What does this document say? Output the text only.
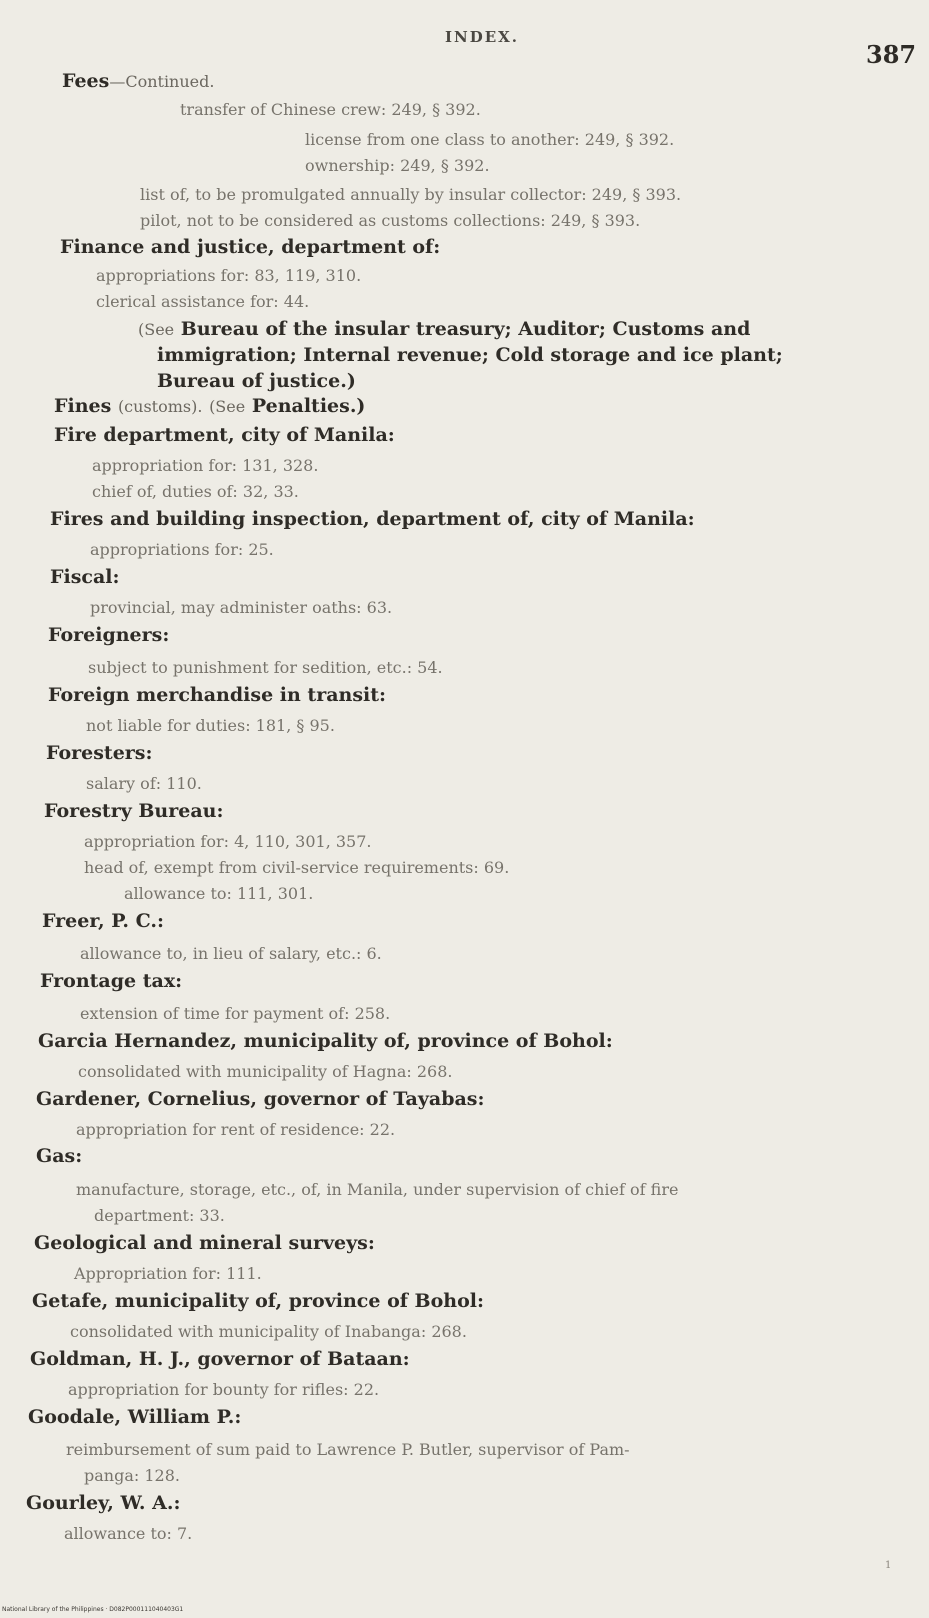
INDEX.
387
Fees—Continued.
transfer of Chinese crew: 249, § 392.
license from one class to another: 249, § 392.
ownership: 249, § 392.
list of, to be promulgated annually by insular collector: 249, § 393.
pilot, not to be considered as customs collections: 249, § 393.
Finance and justice, department of:
appropriations for: 83, 119, 310.
clerical assistance for: 44.
(See Bureau of the insular treasury; Auditor; Customs and
immigration; Internal revenue; Cold storage and ice plant;
Bureau of justice.)
Fines (customs). (See Penalties.)
Fire department, city of Manila:
appropriation for: 131, 328.
chief of, duties of: 32, 33.
Fires and building inspection, department of, city of Manila:
appropriations for: 25.
Fiscal:
provincial, may administer oaths: 63.
Foreigners:
subject to punishment for sedition, etc.: 54.
Foreign merchandise in transit:
not liable for duties: 181, § 95.
Foresters:
salary of: 110.
Forestry Bureau:
appropriation for: 4, 110, 301, 357.
head of, exempt from civil-service requirements: 69.
allowance to: 111, 301.
Freer, P. C.:
allowance to, in lieu of salary, etc.: 6.
Frontage tax:
extension of time for payment of: 258.
Garcia Hernandez, municipality of, province of Bohol:
consolidated with municipality of Hagna: 268.
Gardener, Cornelius, governor of Tayabas:
appropriation for rent of residence: 22.
Gas:
manufacture, storage, etc., of, in Manila, under supervision of chief of fire
department: 33.
Geological and mineral surveys:
Appropriation for: 111.
Getafe, municipality of, province of Bohol:
consolidated with municipality of Inabanga: 268.
Goldman, H. J., governor of Bataan:
appropriation for bounty for rifles: 22.
Goodale, William P.:
reimbursement of sum paid to Lawrence P. Butler, supervisor of Pam-
panga: 128.
Gourley, W. A.:
allowance to: 7.
1
National Library of the Philippines · D082P000111040403G1
